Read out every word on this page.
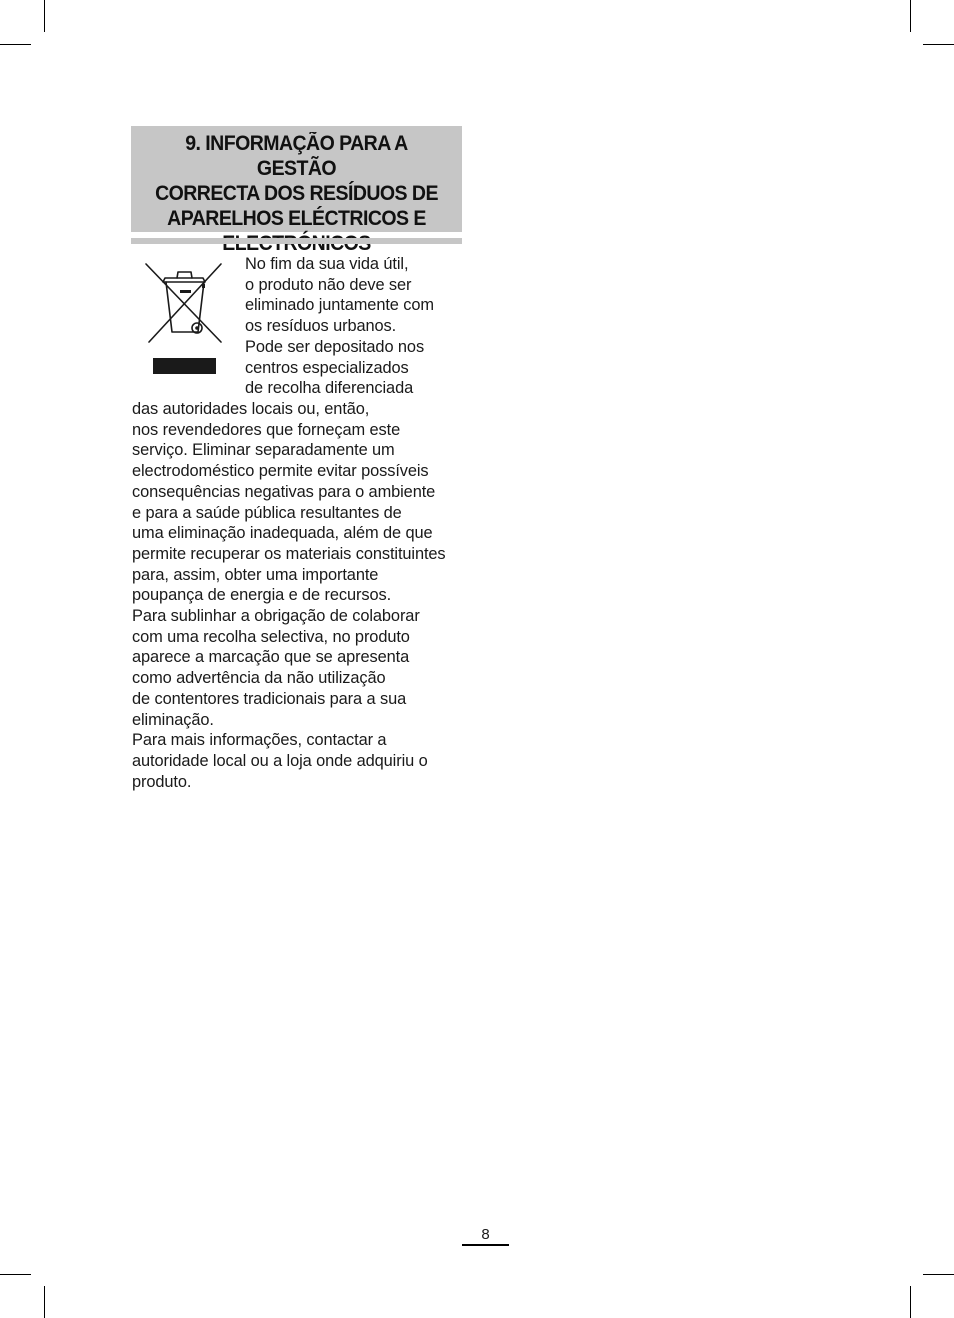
9. INFORMAÇÃO PARA A GESTÃO
CORRECTA DOS RESÍDUOS DE
APARELHOS ELÉCTRICOS E

No fim da sua vida útil,
o produto não deve ser
eliminado juntamente com
os resíduos urbanos.
Pode ser depositado nos
centros especializados
de recolha diferenciada
das autoridades locais ou, então,
nos revendedores que forneçam este
serviço. Eliminar separadamente um
electrodoméstico permite evitar possíveis
consequências negativas para o ambiente
e para a saúde pública resultantes de
uma eliminação inadequada, além de que
permite recuperar os materiais constituintes
para, assim, obter uma importante
poupança de energia e de recursos.
Para sublinhar a obrigação de colaborar
com uma recolha selectiva, no produto
aparece a marcação que se apresenta
como advertência da não utilização
de contentores tradicionais para a sua
eliminação.
Para mais informações, contactar a
autoridade local ou a loja onde adquiriu o
produto.
8
